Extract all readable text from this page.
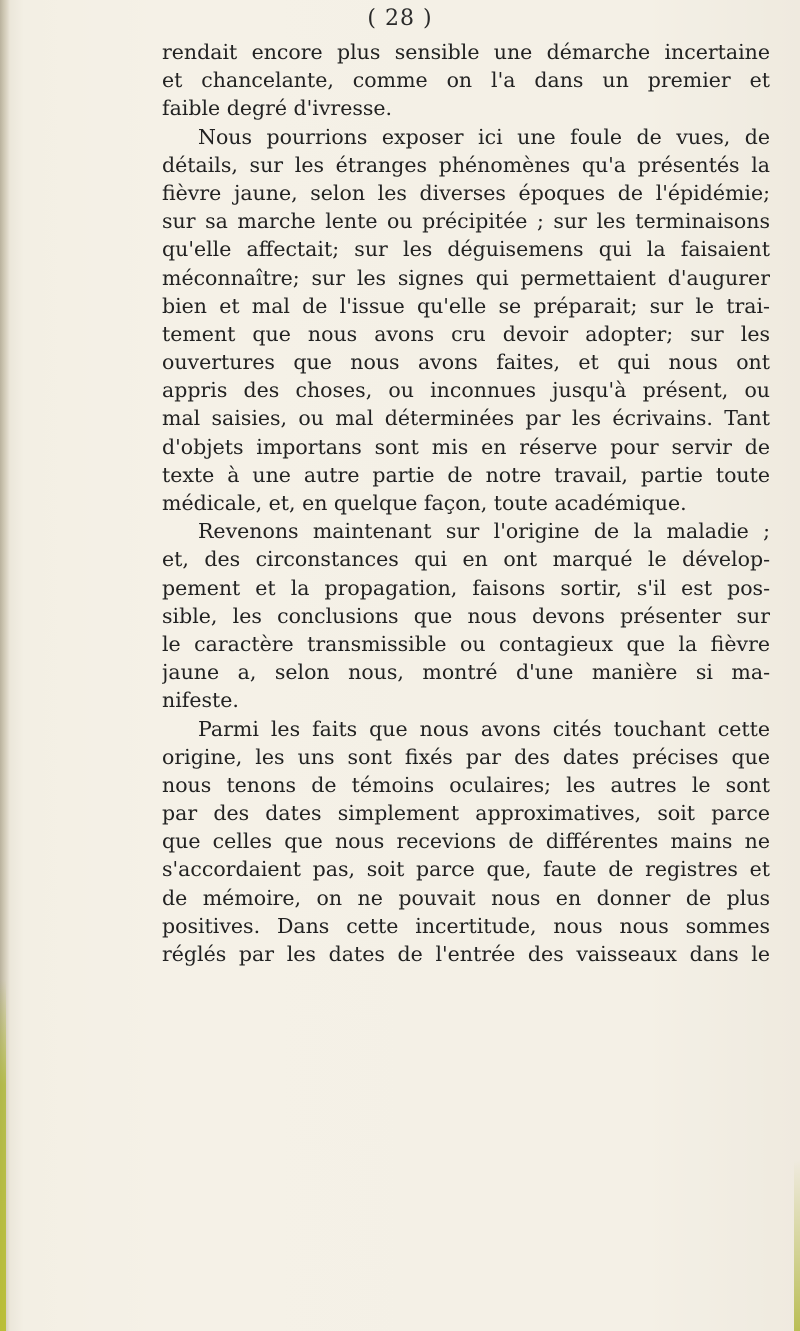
( 28 )
rendait encore plus sensible une démarche incertaine
et chancelante, comme on l'a dans un premier et
faible degré d'ivresse.
Nous pourrions exposer ici une foule de vues, de
détails, sur les étranges phénomènes qu'a présentés la
fièvre jaune, selon les diverses époques de l'épidémie;
sur sa marche lente ou précipitée ; sur les terminaisons
qu'elle affectait; sur les déguisemens qui la faisaient
méconnaître; sur les signes qui permettaient d'augurer
bien et mal de l'issue qu'elle se préparait; sur le trai-
tement que nous avons cru devoir adopter; sur les
ouvertures que nous avons faites, et qui nous ont
appris des choses, ou inconnues jusqu'à présent, ou
mal saisies, ou mal déterminées par les écrivains. Tant
d'objets importans sont mis en réserve pour servir de
texte à une autre partie de notre travail, partie toute
médicale, et, en quelque façon, toute académique.
Revenons maintenant sur l'origine de la maladie ;
et, des circonstances qui en ont marqué le dévelop-
pement et la propagation, faisons sortir, s'il est pos-
sible, les conclusions que nous devons présenter sur
le caractère transmissible ou contagieux que la fièvre
jaune a, selon nous, montré d'une manière si ma-
nifeste.
Parmi les faits que nous avons cités touchant cette
origine, les uns sont fixés par des dates précises que
nous tenons de témoins oculaires; les autres le sont
par des dates simplement approximatives, soit parce
que celles que nous recevions de différentes mains ne
s'accordaient pas, soit parce que, faute de registres et
de mémoire, on ne pouvait nous en donner de plus
positives. Dans cette incertitude, nous nous sommes
réglés par les dates de l'entrée des vaisseaux dans le
